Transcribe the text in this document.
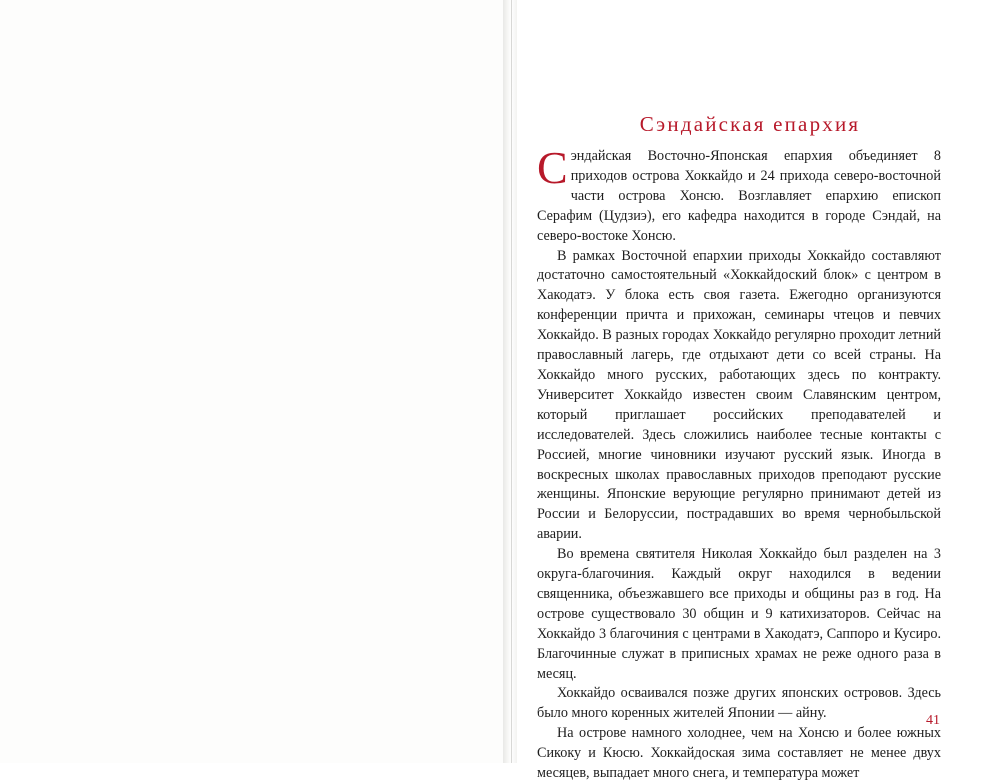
Сэндайская епархия

Сэндайская Восточно-Японская епархия объединяет 8 приходов острова Хоккайдо и 24 прихода северо-восточной части острова Хонсю. Возглавляет епархию епископ Серафим (Цудзиэ), его кафедра находится в городе Сэндай, на северо-востоке Хонсю.

В рамках Восточной епархии приходы Хоккайдо составляют достаточно самостоятельный «Хоккайдоский блок» с центром в Хакодатэ. У блока есть своя газета. Ежегодно организуются конференции причта и прихожан, семинары чтецов и певчих Хоккайдо. В разных городах Хоккайдо регулярно проходит летний православный лагерь, где отдыхают дети со всей страны. На Хоккайдо много русских, работающих здесь по контракту. Университет Хоккайдо известен своим Славянским центром, который приглашает российских преподавателей и исследователей. Здесь сложились наиболее тесные контакты с Россией, многие чиновники изучают русский язык. Иногда в воскресных школах православных приходов преподают русские женщины. Японские верующие регулярно принимают детей из России и Белоруссии, пострадавших во время чернобыльской аварии.

Во времена святителя Николая Хоккайдо был разделен на 3 округа-благочиния. Каждый округ находился в ведении священника, объезжавшего все приходы и общины раз в год. На острове существовало 30 общин и 9 катихизаторов. Сейчас на Хоккайдо 3 благочиния с центрами в Хакодатэ, Саппоро и Кусиро. Благочинные служат в приписных храмах не реже одного раза в месяц.

Хоккайдо осваивался позже других японских островов. Здесь было много коренных жителей Японии — айну.

На острове намного холоднее, чем на Хонсю и более южных Сикоку и Кюсю. Хоккайдоская зима составляет не менее двух месяцев, выпадает много снега, и температура может

41
